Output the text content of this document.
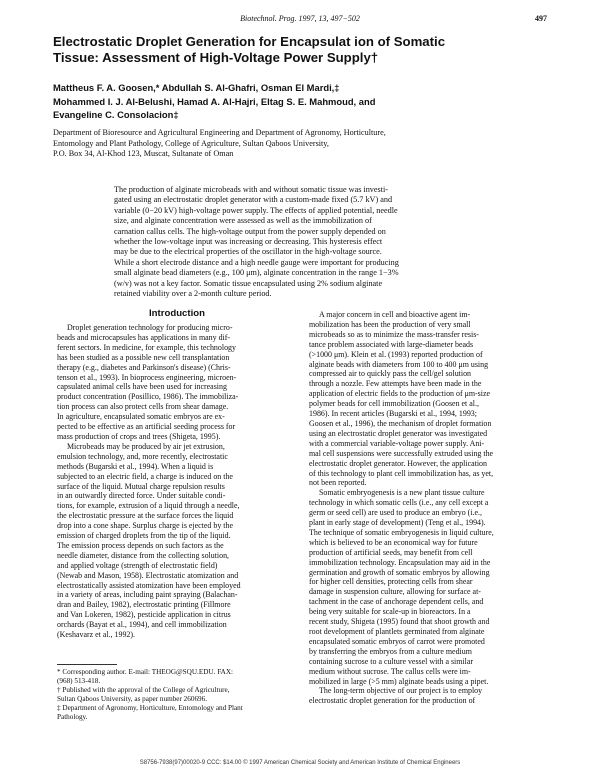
Biotechnol. Prog. 1997, 13, 497−502	497
Electrostatic Droplet Generation for Encapsulat ion of Somatic
Tissue: Assessment of High-Voltage Power Supply†
Mattheus F. A. Goosen,* Abdullah S. Al-Ghafri, Osman El Mardi,‡
Mohammed I. J. Al-Belushi, Hamad A. Al-Hajri, Eltag S. E. Mahmoud, and
Evangeline C. Consolacion‡
Department of Bioresource and Agricultural Engineering and Department of Agronomy, Horticulture,
Entomology and Plant Pathology, College of Agriculture, Sultan Qaboos University,
P.O. Box 34, Al-Khod 123, Muscat, Sultanate of Oman
The production of alginate microbeads with and without somatic tissue was investi-
gated using an electrostatic droplet generator with a custom-made fixed (5.7 kV) and
variable (0−20 kV) high-voltage power supply. The effects of applied potential, needle
size, and alginate concentration were assessed as well as the immobilization of
carnation callus cells. The high-voltage output from the power supply depended on
whether the low-voltage input was increasing or decreasing. This hysteresis effect
may be due to the electrical properties of the oscillator in the high-voltage source.
While a short electrode distance and a high needle gauge were important for producing
small alginate bead diameters (e.g., 100 μm), alginate concentration in the range 1−3%
(w/v) was not a key factor. Somatic tissue encapsulated using 2% sodium alginate
retained viability over a 2-month culture period.
Introduction
Droplet generation technology for producing micro-
beads and microcapsules has applications in many dif-
ferent sectors. In medicine, for example, this technology
has been studied as a possible new cell transplantation
therapy (e.g., diabetes and Parkinson's disease) (Chris-
tenson et al., 1993). In bioprocess engineering, microen-
capsulated animal cells have been used for increasing
product concentration (Posillico, 1986). The immobiliza-
tion process can also protect cells from shear damage.
In agriculture, encapsulated somatic embryos are ex-
pected to be effective as an artificial seeding process for
mass production of crops and trees (Shigeta, 1995).
Microbeads may be produced by air jet extrusion,
emulsion technology, and, more recently, electrostatic
methods (Bugarski et al., 1994). When a liquid is
subjected to an electric field, a charge is induced on the
surface of the liquid. Mutual charge repulsion results
in an outwardly directed force. Under suitable condi-
tions, for example, extrusion of a liquid through a needle,
the electrostatic pressure at the surface forces the liquid
drop into a cone shape. Surplus charge is ejected by the
emission of charged droplets from the tip of the liquid.
The emission process depends on such factors as the
needle diameter, distance from the collecting solution,
and applied voltage (strength of electrostatic field)
(Newab and Mason, 1958). Electrostatic atomization and
electrostatically assisted atomization have been employed
in a variety of areas, including paint spraying (Balachan-
dran and Bailey, 1982), electrostatic printing (Fillmore
and Van Lokeren, 1982), pesticide application in citrus
orchards (Bayat et al., 1994), and cell immobilization
(Keshavarz et al., 1992).
A major concern in cell and bioactive agent im-
mobilization has been the production of very small
microbeads so as to minimize the mass-transfer resis-
tance problem associated with large-diameter beads
(>1000 μm). Klein et al. (1993) reported production of
alginate beads with diameters from 100 to 400 μm using
compressed air to quickly pass the cell/gel solution
through a nozzle. Few attempts have been made in the
application of electric fields to the production of μm-size
polymer beads for cell immobilization (Goosen et al.,
1986). In recent articles (Bugarski et al., 1994, 1993;
Goosen et al., 1996), the mechanism of droplet formation
using an electrostatic droplet generator was investigated
with a commercial variable-voltage power supply. Ani-
mal cell suspensions were successfully extruded using the
electrostatic droplet generator. However, the application
of this technology to plant cell immobilization has, as yet,
not been reported.
Somatic embryogenesis is a new plant tissue culture
technology in which somatic cells (i.e., any cell except a
germ or seed cell) are used to produce an embryo (i.e.,
plant in early stage of development) (Teng et al., 1994).
The technique of somatic embryogenesis in liquid culture,
which is believed to be an economical way for future
production of artificial seeds, may benefit from cell
immobilization technology. Encapsulation may aid in the
germination and growth of somatic embryos by allowing
for higher cell densities, protecting cells from shear
damage in suspension culture, allowing for surface at-
tachment in the case of anchorage dependent cells, and
being very suitable for scale-up in bioreactors. In a
recent study, Shigeta (1995) found that shoot growth and
root development of plantlets germinated from alginate
encapsulated somatic embryos of carrot were promoted
by transferring the embryos from a culture medium
containing sucrose to a culture vessel with a similar
medium without sucrose. The callus cells were im-
mobilized in large (>5 mm) alginate beads using a pipet.
The long-term objective of our project is to employ
electrostatic droplet generation for the production of
* Corresponding author. E-mail: THEOG@SQU.EDU. FAX:
(968) 513-418.
† Published with the approval of the College of Agriculture,
Sultan Qaboos University, as paper number 260696.
‡ Department of Agronomy, Horticulture, Entomology and Plant
Pathology.
S8756-7938(97)00020-9 CCC: $14.00 © 1997 American Chemical Society and American Institute of Chemical Engineers
